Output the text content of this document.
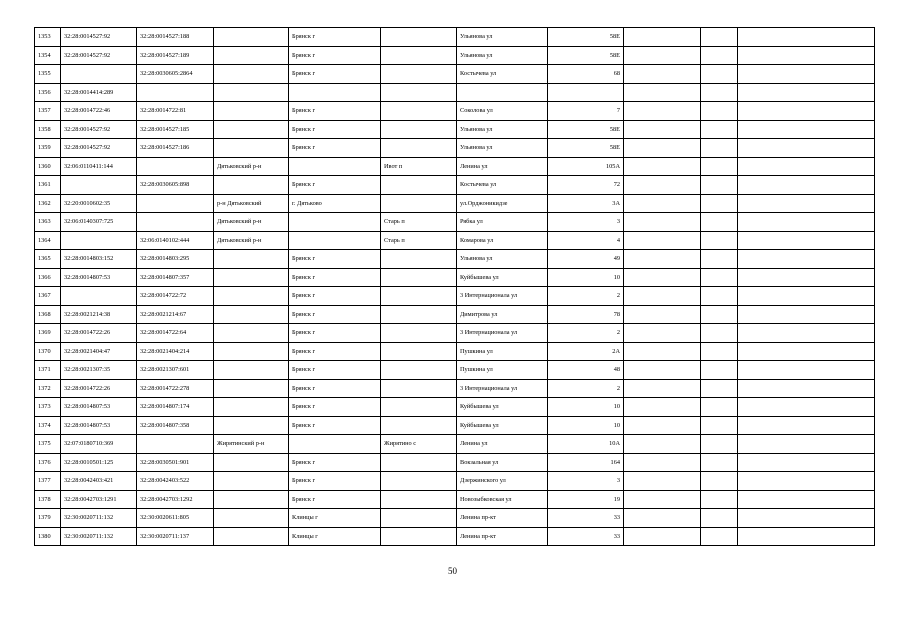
1353	32:28:0014527:92	32:28:0014527:188		Брянск г		Ульянова ул	58Е			
1354	32:28:0014527:92	32:28:0014527:189		Брянск г		Ульянова ул	58Е			
1355		32:28:0030605:2864		Брянск г		Костычева ул	68			
1356	32:28:0014414:289									
1357	32:28:0014722:46	32:28:0014722:81		Брянск г		Соколова ул	7			
1358	32:28:0014527:92	32:28:0014527:185		Брянск г		Ульянова ул	58Е			
1359	32:28:0014527:92	32:28:0014527:186		Брянск г		Ульянова ул	58Е			
1360	32:06:0110411:144		Дятьковский р-н		Ивот п	Ленина ул	105А			
1361		32:28:0030605:898		Брянск г		Костычева ул	72			
1362	32:20:0010602:35		р-н Дятьковский	г. Дятьково		ул.Орджоникидзе	3А			
1363	32:06:0140307:725		Дятьковский р-н		Старь п	Рябка ул	3			
1364		32:06:0140102:444	Дятьковский р-н		Старь п	Комарова ул	4			
1365	32:28:0014803:152	32:28:0014803:295		Брянск г		Ульянова ул	49			
1366	32:28:0014807:53	32:28:0014807:357		Брянск г		Куйбышева ул	10			
1367		32:28:0014722:72		Брянск г		3 Интернационала ул	2			
1368	32:28:0021214:38	32:28:0021214:67		Брянск г		Димитрова ул	78			
1369	32:28:0014722:26	32:28:0014722:64		Брянск г		3 Интернационала ул	2			
1370	32:28:0021404:47	32:28:0021404:214		Брянск г		Пушкина ул	2А			
1371	32:28:0021307:35	32:28:0021307:601		Брянск г		Пушкина ул	48			
1372	32:28:0014722:26	32:28:0014722:278		Брянск г		3 Интернационала ул	2			
1373	32:28:0014807:53	32:28:0014807:174		Брянск г		Куйбышева ул	10			
1374	32:28:0014807:53	32:28:0014807:358		Брянск г		Куйбышева ул	10			
1375	32:07:0180710:369		Жирятинский р-н		Жирятино с	Ленина ул	10А			
1376	32:28:0010501:125	32:28:0030501:901		Брянск г		Вокзальная ул	164			
1377	32:28:0042403:421	32:28:0042403:522		Брянск г		Дзержинского ул	3			
1378	32:28:0042703:1291	32:28:0042703:1292		Брянск г		Новозыбковская ул	19			
1379	32:30:0020711:132	32:30:0020611:805		Клинцы г		Ленина пр-кт	33			
1380	32:30:0020711:132	32:30:0020711:137		Клинцы г		Ленина пр-кт	33			
50
